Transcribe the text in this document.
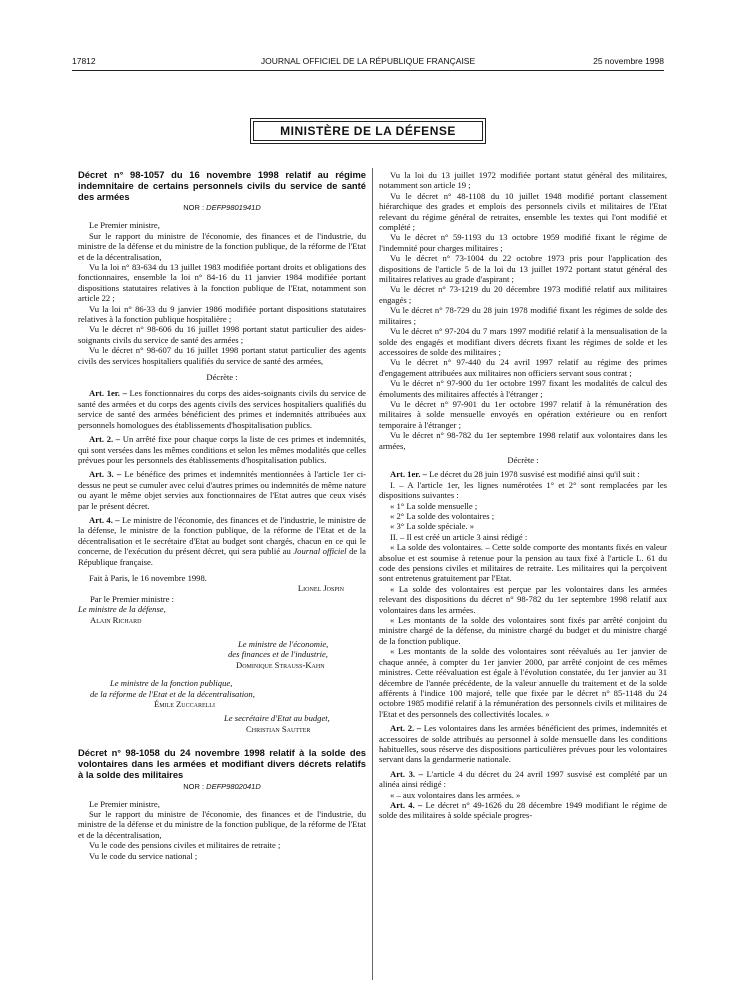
17812	JOURNAL OFFICIEL DE LA RÉPUBLIQUE FRANÇAISE	25 novembre 1998
MINISTÈRE DE LA DÉFENSE
Décret n° 98-1057 du 16 novembre 1998 relatif au régime indemnitaire de certains personnels civils du service de santé des armées
NOR : DEFP9801941D

Le Premier ministre,

Sur le rapport du ministre de l'économie, des finances et de l'industrie, du ministre de la défense et du ministre de la fonction publique, de la réforme de l'Etat et de la décentralisation,

Vu la loi n° 83-634 du 13 juillet 1983 modifiée portant droits et obligations des fonctionnaires, ensemble la loi n° 84-16 du 11 janvier 1984 modifiée portant dispositions statutaires relatives à la fonction publique de l'Etat, notamment son article 22 ;

Vu la loi n° 86-33 du 9 janvier 1986 modifiée portant dispositions statutaires relatives à la fonction publique hospitalière ;

Vu le décret n° 98-606 du 16 juillet 1998 portant statut particulier des aides-soignants civils du service de santé des armées ;

Vu le décret n° 98-607 du 16 juillet 1998 portant statut particulier des agents civils des services hospitaliers qualifiés du service de santé des armées,

Décrète :

Art. 1er. – Les fonctionnaires du corps des aides-soignants civils du service de santé des armées et du corps des agents civils des services hospitaliers qualifiés du service de santé des armées bénéficient des primes et indemnités attribuées aux personnels homologues des établissements d'hospitalisation publics.

Art. 2. – Un arrêté fixe pour chaque corps la liste de ces primes et indemnités, qui sont versées dans les mêmes conditions et selon les mêmes modalités que celles prévues pour les personnels des établissements d'hospitalisation publics.

Art. 3. – Le bénéfice des primes et indemnités mentionnées à l'article 1er ci-dessus ne peut se cumuler avec celui d'autres primes ou indemnités de même nature ou ayant le même objet servies aux fonctionnaires de l'Etat autres que ceux visés par le présent décret.

Art. 4. – Le ministre de l'économie, des finances et de l'industrie, le ministre de la défense, le ministre de la fonction publique, de la réforme de l'Etat et de la décentralisation et le secrétaire d'Etat au budget sont chargés, chacun en ce qui le concerne, de l'exécution du présent décret, qui sera publié au Journal officiel de la République française.

Fait à Paris, le 16 novembre 1998.

Lionel Jospin

Par le Premier ministre :

Le ministre de la défense,

Alain Richard

Le ministre de l'économie,

des finances et de l'industrie,

Dominique Strauss-Kahn

Le ministre de la fonction publique,

de la réforme de l'Etat et de la décentralisation,

Émile Zuccarelli

Le secrétaire d'Etat au budget,

Christian Sautter

Décret n° 98-1058 du 24 novembre 1998 relatif à la solde des volontaires dans les armées et modifiant divers décrets relatifs à la solde des militaires
NOR : DEFP9802041D

Le Premier ministre,

Sur le rapport du ministre de l'économie, des finances et de l'industrie, du ministre de la défense et du ministre de la fonction publique, de la réforme de l'Etat et de la décentralisation,

Vu le code des pensions civiles et militaires de retraite ;

Vu le code du service national ;

Vu la loi du 13 juillet 1972 modifiée portant statut général des militaires, notamment son article 19 ;

Vu le décret n° 48-1108 du 10 juillet 1948 modifié portant classement hiérarchique des grades et emplois des personnels civils et militaires de l'Etat relevant du régime général de retraites, ensemble les textes qui l'ont modifié et complété ;

Vu le décret n° 59-1193 du 13 octobre 1959 modifié fixant le régime de l'indemnité pour charges militaires ;

Vu le décret n° 73-1004 du 22 octobre 1973 pris pour l'application des dispositions de l'article 5 de la loi du 13 juillet 1972 portant statut général des militaires relatives au grade d'aspirant ;

Vu le décret n° 73-1219 du 20 décembre 1973 modifié relatif aux militaires engagés ;

Vu le décret n° 78-729 du 28 juin 1978 modifié fixant les régimes de solde des militaires ;

Vu le décret n° 97-204 du 7 mars 1997 modifié relatif à la mensualisation de la solde des engagés et modifiant divers décrets fixant les régimes de solde et les accessoires de solde des militaires ;

Vu le décret n° 97-440 du 24 avril 1997 relatif au régime des primes d'engagement attribuées aux militaires non officiers servant sous contrat ;

Vu le décret n° 97-900 du 1er octobre 1997 fixant les modalités de calcul des émoluments des militaires affectés à l'étranger ;

Vu le décret n° 97-901 du 1er octobre 1997 relatif à la rémunération des militaires à solde mensuelle envoyés en opération extérieure ou en renfort temporaire à l'étranger ;

Vu le décret n° 98-782 du 1er septembre 1998 relatif aux volontaires dans les armées,

Décrète :

Art. 1er. – Le décret du 28 juin 1978 susvisé est modifié ainsi qu'il suit :

I. – A l'article 1er, les lignes numérotées 1° et 2° sont remplacées par les dispositions suivantes :

« 1° La solde mensuelle ;

« 2° La solde des volontaires ;

« 3° La solde spéciale. »

II. – Il est créé un article 3 ainsi rédigé :

« La solde des volontaires. – Cette solde comporte des montants fixés en valeur absolue et est soumise à retenue pour la pension au taux fixé à l'article L. 61 du code des pensions civiles et militaires de retraite. Les militaires qui la perçoivent sont entretenus gratuitement par l'Etat.

« La solde des volontaires est perçue par les volontaires dans les armées relevant des dispositions du décret n° 98-782 du 1er septembre 1998 relatif aux volontaires dans les armées.

« Les montants de la solde des volontaires sont fixés par arrêté conjoint du ministre chargé de la défense, du ministre chargé du budget et du ministre chargé de la fonction publique.

« Les montants de la solde des volontaires sont réévalués au 1er janvier de chaque année, à compter du 1er janvier 2000, par arrêté conjoint de ces mêmes ministres. Cette réévaluation est égale à l'évolution constatée, du 1er janvier au 31 décembre de l'année précédente, de la valeur annuelle du traitement et de la solde afférents à l'indice 100 majoré, telle que fixée par le décret n° 85-1148 du 24 octobre 1985 modifié relatif à la rémunération des personnels civils et militaires de l'Etat et des personnels des collectivités locales. »

Art. 2. – Les volontaires dans les armées bénéficient des primes, indemnités et accessoires de solde attribués au personnel à solde mensuelle dans les conditions habituelles, sous réserve des dispositions particulières prévues pour les volontaires servant dans la gendarmerie nationale.

Art. 3. – L'article 4 du décret du 24 avril 1997 susvisé est complété par un alinéa ainsi rédigé :

« – aux volontaires dans les armées. »

Art. 4. – Le décret n° 49-1626 du 28 décembre 1949 modifiant le régime de solde des militaires à solde spéciale progres-
